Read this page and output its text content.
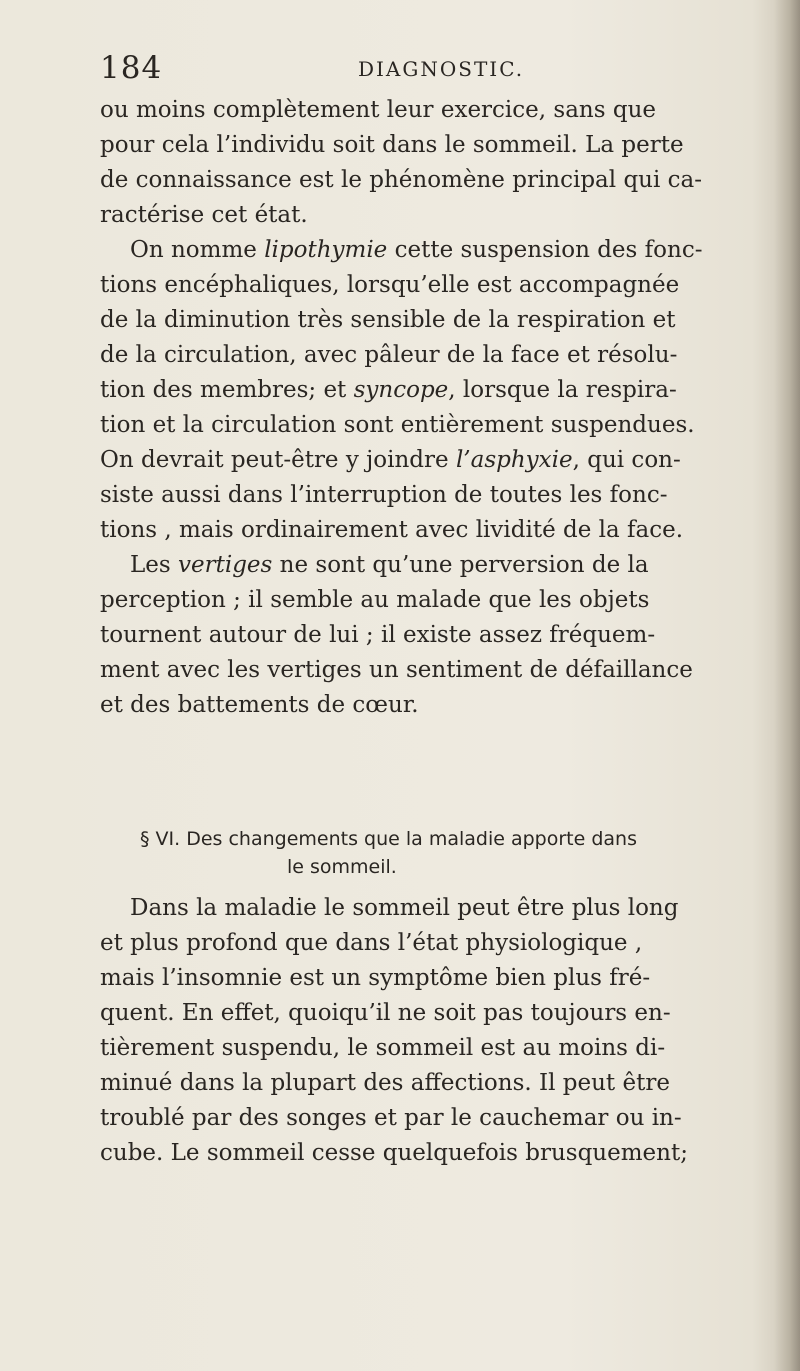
184	DIAGNOSTIC.
ou moins complètement leur exercice, sans que
pour cela l’individu soit dans le sommeil. La perte
de connaissance est le phénomène principal qui ca-
ractérise cet état.
On nomme lipothymie cette suspension des fonc-
tions encéphaliques, lorsqu’elle est accompagnée
de la diminution très sensible de la respiration et
de la circulation, avec pâleur de la face et résolu-
tion des membres; et syncope, lorsque la respira-
tion et la circulation sont entièrement suspendues.
On devrait peut-être y joindre l’asphyxie, qui con-
siste aussi dans l’interruption de toutes les fonc-
tions , mais ordinairement avec lividité de la face.
Les vertiges ne sont qu’une perversion de la
perception ; il semble au malade que les objets
tournent autour de lui ; il existe assez fréquem-
ment avec les vertiges un sentiment de défaillance
et des battements de cœur.
§ VI. Des changements que la maladie apporte dans
le sommeil.
Dans la maladie le sommeil peut être plus long
et plus profond que dans l’état physiologique ,
mais l’insomnie est un symptôme bien plus fré-
quent. En effet, quoiqu’il ne soit pas toujours en-
tièrement suspendu, le sommeil est au moins di-
minué dans la plupart des affections. Il peut être
troublé par des songes et par le cauchemar ou in-
cube. Le sommeil cesse quelquefois brusquement;
